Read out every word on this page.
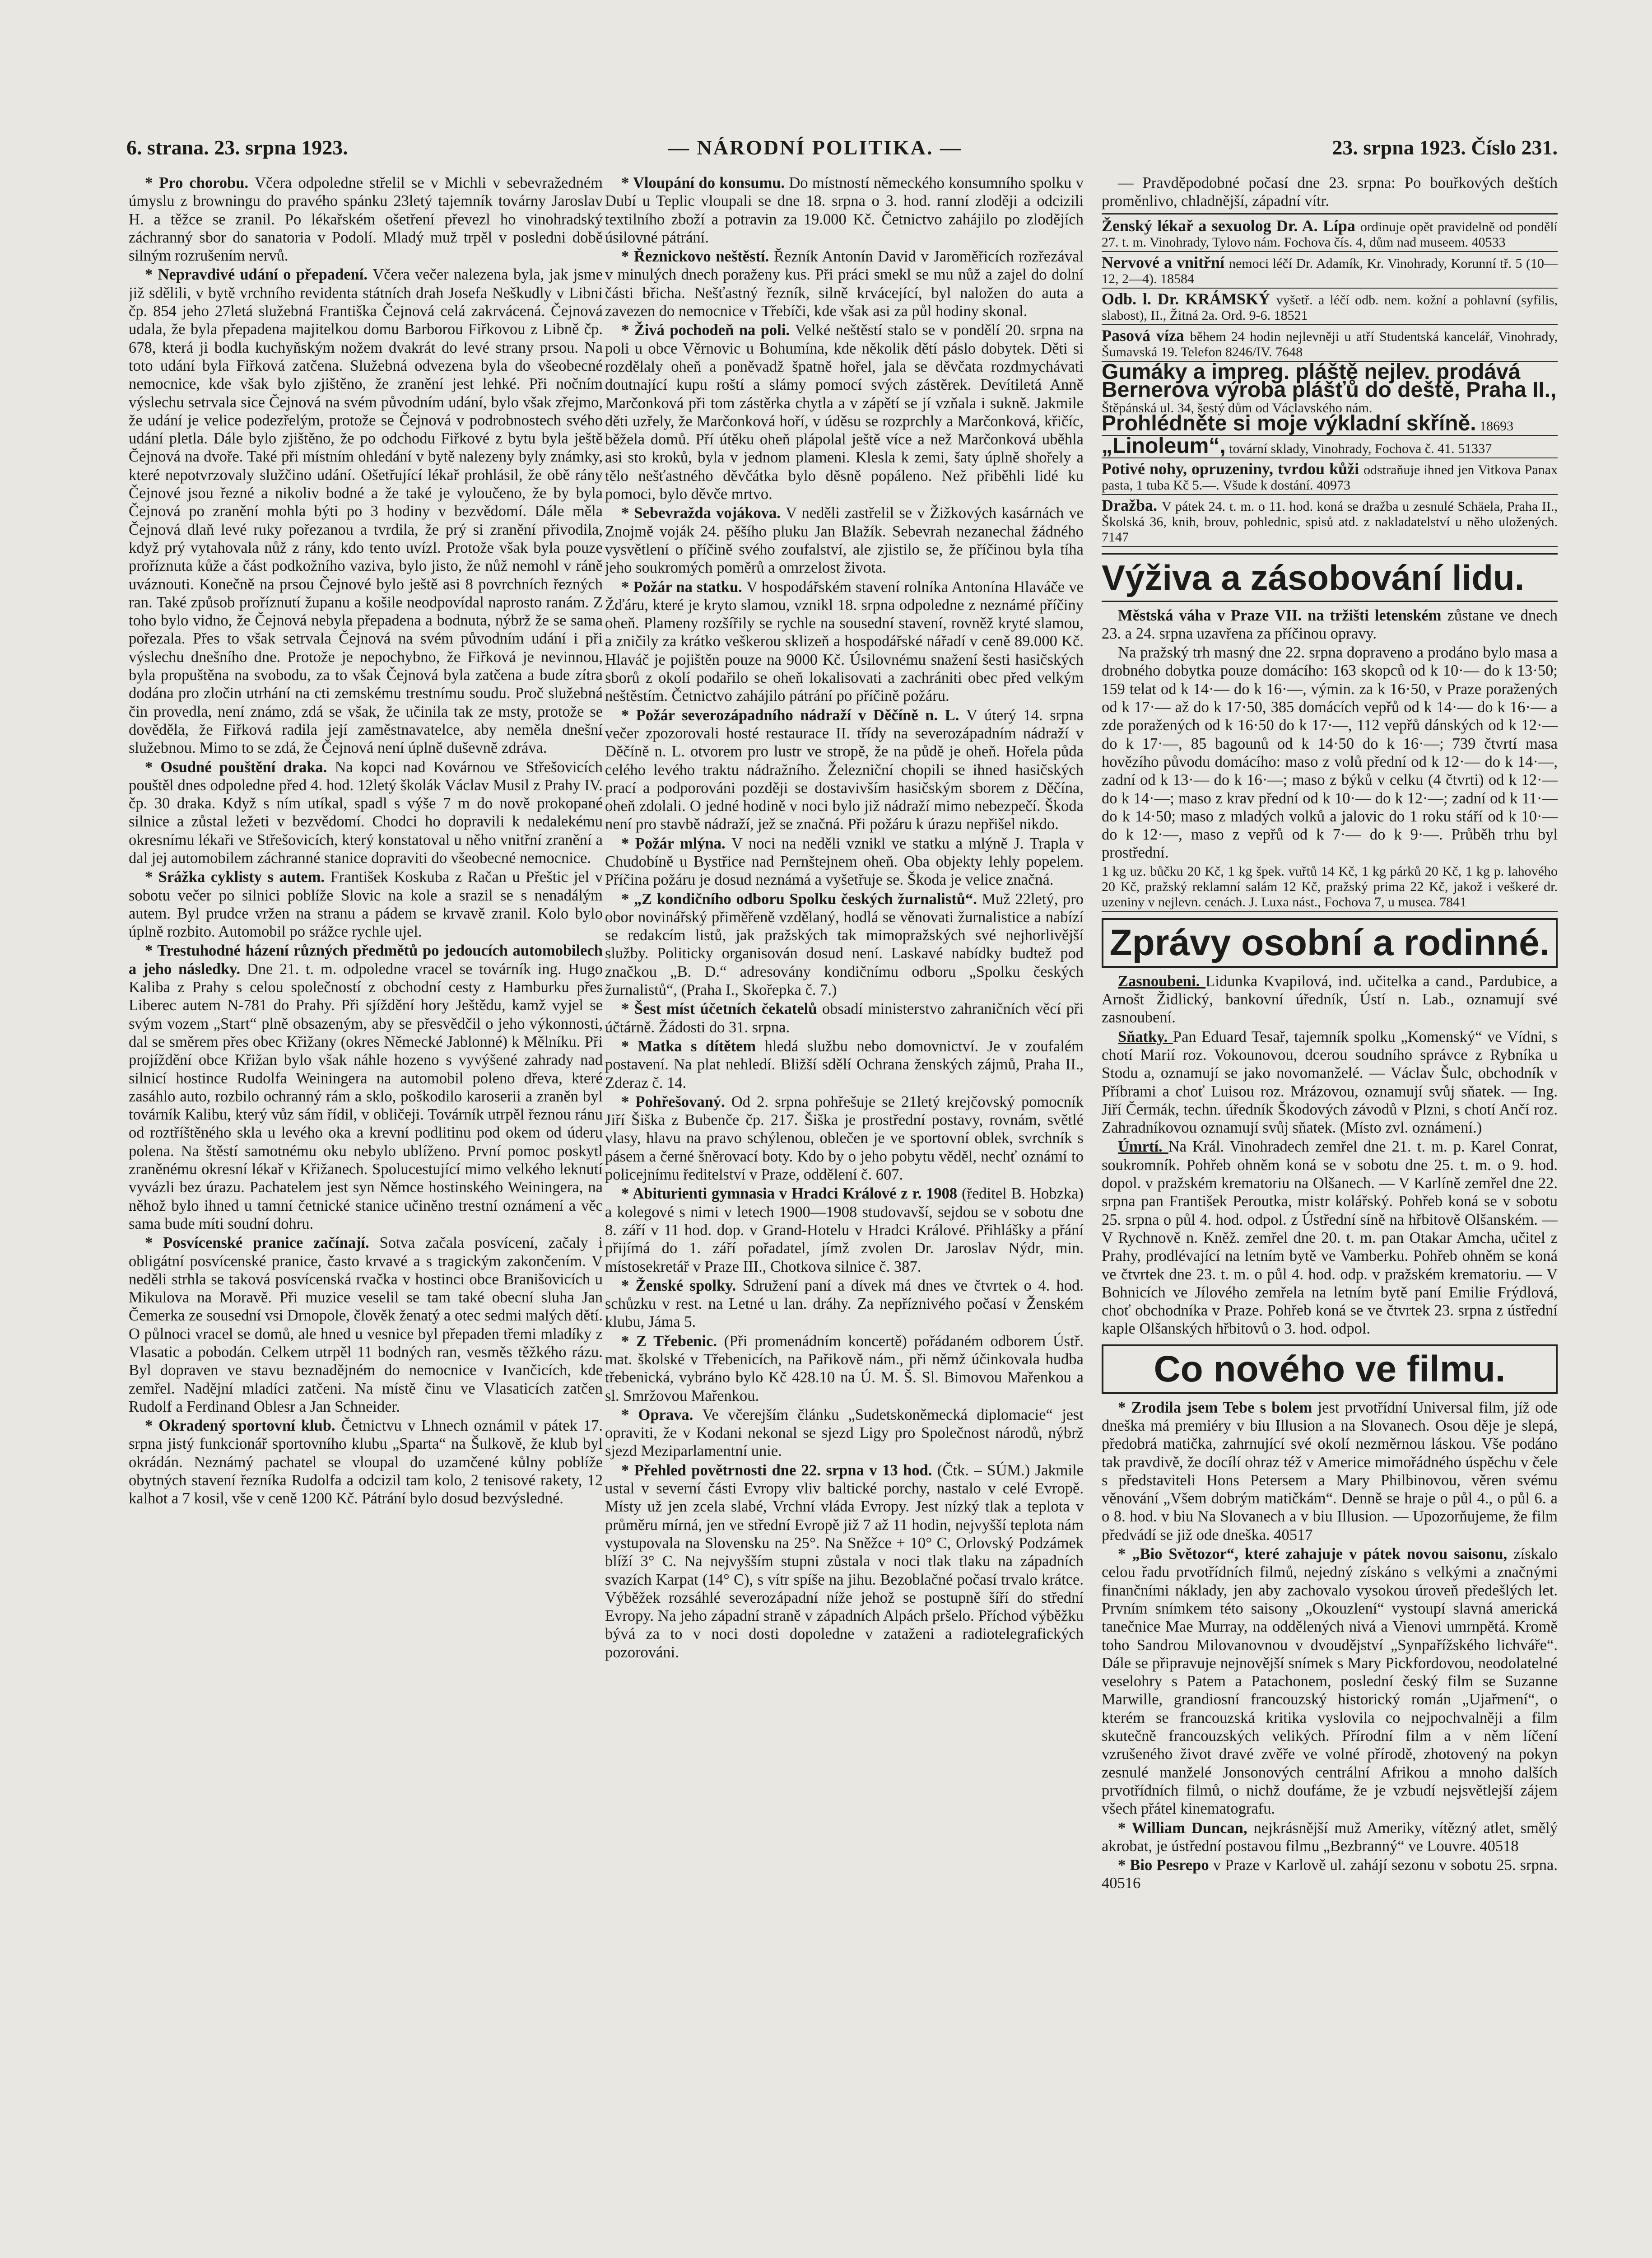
6. strana. 23. srpna 1923.	— NÁRODNÍ POLITIKA. —	23. srpna 1923. Číslo 231.
* Pro chorobu. Včera odpoledne střelil se v Michli v sebevražedném úmyslu z browningu do pravého spánku 23letý tajemník továrny Jaroslav H. a těžce se zranil. Po lékařském ošetření převezl ho vinohradský záchranný sbor do sanatoria v Podolí. Mladý muž trpěl v posledni době silným rozrušením nervů.
* Nepravdivé udání o přepadení. Včera večer nalezena byla, jak jsme již sdělili, v bytě vrchního revidenta státních drah Josefa Neškudly v Libni čp. 854 jeho 27letá služebná Františka Čejnová celá zakrvácená. Čejnová udala, že byla přepadena majitelkou domu Barborou Fiřkovou z Libně čp. 678, která ji bodla kuchyňským nožem dvakrát do levé strany prsou. Na toto udání byla Fiřková zatčena. Služebná odvezena byla do všeobecné nemocnice, kde však bylo zjištěno, že zranění jest lehké. Při nočním výslechu setrvala sice Čejnová na svém původním udání, bylo však zřejmo, že udání je velice podezřelým, protože se Čejnová v podrobnostech svého udání pletla. Dále bylo zjištěno, že po odchodu Fiřkové z bytu byla ještě Čejnová na dvoře. Také při místním ohledání v bytě nalezeny byly známky, které nepotvrzovaly služčino udání. Ošetřující lékař prohlásil, že obě rány Čejnové jsou řezné a nikoliv bodné a že také je vyloučeno, že by byla Čejnová po zranění mohla býti po 3 hodiny v bezvědomí. Dále měla Čejnová dlaň levé ruky pořezanou a tvrdila, že prý si zranění přivodila, když prý vytahovala nůž z rány, kdo tento uvízl. Protože však byla pouze proříznuta kůže a část podkožního vaziva, bylo jisto, že nůž nemohl v ráně uváznouti. Konečně na prsou Čejnové bylo ještě asi 8 povrchních řezných ran. Také způsob proříznutí županu a košile neodpovídal naprosto ranám. Z toho bylo vidno, že Čejnová nebyla přepadena a bodnuta, nýbrž že se sama pořezala. Přes to však setrvala Čejnová na svém původním udání i při výslechu dnešního dne. Protože je nepochybno, že Fiřková je nevinnou, byla propuštěna na svobodu, za to však Čejnová byla zatčena a bude zítra dodána pro zločin utrhání na cti zemskému trestnímu soudu. Proč služebná čin provedla, není známo, zdá se však, že učinila tak ze msty, protože se dověděla, že Fiřková radila její zaměstnavatelce, aby neměla dnešní služebnou. Mimo to se zdá, že Čejnová není úplně duševně zdráva.
* Osudné pouštění draka. Na kopci nad Kovárnou ve Střešovicích pouštěl dnes odpoledne před 4. hod. 12letý školák Václav Musil z Prahy IV. čp. 30 draka. Když s ním utíkal, spadl s výše 7 m do nově prokopané silnice a zůstal ležeti v bezvědomí. Chodci ho dopravili k nedalekému okresnímu lékaři ve Střešovicích, který konstatoval u něho vnitřní zranění a dal jej automobilem záchranné stanice dopraviti do všeobecné nemocnice.
* Srážka cyklisty s autem. František Koskuba z Račan u Přeštic jel v sobotu večer po silnici poblíže Slovic na kole a srazil se s nenadálým autem. Byl prudce vržen na stranu a pádem se krvavě zranil. Kolo bylo úplně rozbito. Automobil po srážce rychle ujel.
* Trestuhodné házení různých předmětů po jedoucích automobilech a jeho následky. Dne 21. t. m. odpoledne vracel se továrník ing. Hugo Kaliba z Prahy s celou společností z obchodní cesty z Hamburku přes Liberec autem N-781 do Prahy. Při sjíždění hory Ještědu, kamž vyjel se svým vozem „Start“ plně obsazeným, aby se přesvědčil o jeho výkonnosti, dal se směrem přes obec Křižany (okres Německé Jablonné) k Mělníku. Při projíždění obce Křižan bylo však náhle hozeno s vyvýšené zahrady nad silnicí hostince Rudolfa Weiningera na automobil poleno dřeva, které zasáhlo auto, rozbilo ochranný rám a sklo, poškodilo karoserii a zraněn byl továrník Kalibu, který vůz sám řídil, v obličeji. Továrník utrpěl řeznou ránu od roztříštěného skla u levého oka a krevní podlitinu pod okem od úderu polena. Na štěstí samotnému oku nebylo ublíženo. První pomoc poskytl zraněnému okresní lékař v Křižanech. Spolucestující mimo velkého leknutí vyvázli bez úrazu. Pachatelem jest syn Němce hostinského Weiningera, na něhož bylo ihned u tamní četnické stanice učiněno trestní oznámení a věc sama bude míti soudní dohru.
* Posvícenské pranice začínají. Sotva začala posvícení, začaly i obligátní posvícenské pranice, často krvavé a s tragickým zakončením. V neděli strhla se taková posvícenská rvačka v hostinci obce Branišovicích u Mikulova na Moravě. Při muzice veselil se tam také obecní sluha Jan Čemerka ze sousední vsi Drnopole, člověk ženatý a otec sedmi malých dětí. O půlnoci vracel se domů, ale hned u vesnice byl přepaden třemi mladíky z Vlasatic a pobodán. Celkem utrpěl 11 bodných ran, vesměs těžkého rázu. Byl dopraven ve stavu beznadějném do nemocnice v Ivančicích, kde zemřel. Nadějní mladíci zatčeni. Na místě činu ve Vlasaticích zatčen Rudolf a Ferdinand Oblesr a Jan Schneider.
* Okradený sportovní klub. Četnictvu v Lhnech oznámil v pátek 17. srpna jistý funkcionář sportovního klubu „Sparta“ na Šulkově, že klub byl okrádán. Neznámý pachatel se vloupal do uzamčené kůlny poblíže obytných stavení řezníka Rudolfa a odcizil tam kolo, 2 tenisové rakety, 12 kalhot a 7 kosil, vše v ceně 1200 Kč. Pátrání bylo dosud bezvýsledné.
* Vloupání do konsumu. Do místností německého konsumního spolku v Dubí u Teplic vloupali se dne 18. srpna o 3. hod. ranní zloději a odcizili textilního zboží a potravin za 19.000 Kč. Četnictvo zahájilo po zlodějích úsilovné pátrání.
* Řeznickovo neštěstí. Řezník Antonín David v Jaroměřicích rozřezával v minulých dnech poraženy kus. Při práci smekl se mu nůž a zajel do dolní části břicha. Nešťastný řezník, silně krvácející, byl naložen do auta a zavezen do nemocnice v Třebíči, kde však asi za půl hodiny skonal.
* Živá pochodeň na poli. Velké neštěstí stalo se v pondělí 20. srpna na poli u obce Věrnovic u Bohumína, kde několik dětí páslo dobytek. Děti si rozdělaly oheň a poněvadž špatně hořel, jala se děvčata rozdmychávati doutnající kupu roští a slámy pomocí svých zástěrek. Devítiletá Anně Marčonková při tom zástěrka chytla a v zápětí se jí vzňala i sukně. Jakmile děti uzřely, že Marčonková hoří, v úděsu se rozprchly a Marčonková, křičíc, běžela domů. Pří útěku oheň plápolal ještě více a než Marčonková uběhla asi sto kroků, byla v jednom plameni. Klesla k zemi, šaty úplně shořely a tělo nešťastného děvčátka bylo děsně popáleno. Než přiběhli lidé ku pomoci, bylo děvče mrtvo.
* Sebevražda vojákova. V neděli zastřelil se v Žižkových kasárnách ve Znojmě voják 24. pěšího pluku Jan Blažík. Sebevrah nezanechal žádného vysvětlení o příčině svého zoufalství, ale zjistilo se, že příčinou byla tíha jeho soukromých poměrů a omrzelost života.
* Požár na statku. V hospodářském stavení rolníka Antonína Hlaváče ve Žďáru, které je kryto slamou, vznikl 18. srpna odpoledne z neznámé příčiny oheň. Plameny rozšířily se rychle na sousední stavení, rovněž kryté slamou, a zničily za krátko veškerou sklizeň a hospodářské nářadí v ceně 89.000 Kč. Hlaváč je pojištěn pouze na 9000 Kč. Úsilovnému snažení šesti hasičských sborů z okolí podařilo se oheň lokalisovati a zachrániti obec před velkým neštěstím. Četnictvo zahájilo pátrání po příčině požáru.
* Požár severozápadního nádraží v Děčíně n. L. V úterý 14. srpna večer zpozorovali hosté restaurace II. třídy na severozápadním nádraží v Děčíně n. L. otvorem pro lustr ve stropě, že na půdě je oheň. Hořela půda celého levého traktu nádražního. Železniční chopili se ihned hasičských prací a podporováni později se dostavivším hasičským sborem z Děčína, oheň zdolali. O jedné hodině v noci bylo již nádraží mimo nebezpečí. Škoda není pro stavbě nádraží, jež se značná. Při požáru k úrazu nepřišel nikdo.
* Požár mlýna. V noci na neděli vznikl ve statku a mlýně J. Trapla v Chudobíně u Bystřice nad Pernštejnem oheň. Oba objekty lehly popelem. Příčina požáru je dosud neznámá a vyšetřuje se. Škoda je velice značná.
* „Z kondičního odboru Spolku českých žurnalistů“. Muž 22letý, pro obor novinářský přiměřeně vzdělaný, hodlá se věnovati žurnalistice a nabízí se redakcím listů, jak pražských tak mimopražských své nejhorlivější služby. Politicky organisován dosud není. Laskavé nabídky budtež pod značkou „B. D.“ adresovány kondičnímu odboru „Spolku českých žurnalistů“, (Praha I., Skořepka č. 7.)
* Šest míst účetních čekatelů obsadí ministerstvo zahraničních věcí při účtárně. Žádosti do 31. srpna.
* Matka s dítětem hledá službu nebo domovnictví. Je v zoufalém postavení. Na plat nehledí. Bližší sdělí Ochrana ženských zájmů, Praha II., Zderaz č. 14.
* Pohřešovaný. Od 2. srpna pohřešuje se 21letý krejčovský pomocník Jiří Šiška z Bubenče čp. 217. Šiška je prostřední postavy, rovnám, světlé vlasy, hlavu na pravo schýlenou, oblečen je ve sportovní oblek, svrchník s pásem a černé šněrovací boty. Kdo by o jeho pobytu věděl, nechť oznámí to policejnímu ředitelství v Praze, oddělení č. 607.
* Abiturienti gymnasia v Hradci Králové z r. 1908 (ředitel B. Hobzka) a kolegové s nimi v letech 1900—1908 studovavší, sejdou se v sobotu dne 8. září v 11 hod. dop. v Grand-Hotelu v Hradci Králové. Přihlášky a přání přijímá do 1. září pořadatel, jímž zvolen Dr. Jaroslav Nýdr, min. místosekretář v Praze III., Chotkova silnice č. 387.
* Ženské spolky. Sdružení paní a dívek má dnes ve čtvrtek o 4. hod. schůzku v rest. na Letné u lan. dráhy. Za nepříznivého počasí v Ženském klubu, Jáma 5.
* Z Třebenic. (Při promenádním koncertě) pořádaném odborem Ústř. mat. školské v Třebenicích, na Pařikově nám., při němž účinkovala hudba třebenická, vybráno bylo Kč 428.10 na Ú. M. Š. Sl. Bimovou Mařenkou a sl. Smržovou Mařenkou.
* Oprava. Ve včerejším článku „Sudetskoněmecká diplomacie“ jest opraviti, že v Kodani nekonal se sjezd Ligy pro Společnost národů, nýbrž sjezd Meziparlamentní unie.
* Přehled povětrnosti dne 22. srpna v 13 hod. (Čtk. – SÚM.) Jakmile ustal v severní části Evropy vliv baltické porchy, nastalo v celé Evropě. Místy už jen zcela slabé, Vrchní vláda Evropy. Jest nízký tlak a teplota v průměru mírná, jen ve střední Evropě již 7 až 11 hodin, nejvyšší teplota nám vystupovala na Slovensku na 25°. Na Sněžce + 10° C, Orlovský Podzámek blíží 3° C. Na nejvyšším stupni zůstala v noci tlak tlaku na západních svazích Karpat (14° C), s vítr spíše na jihu. Bezoblačné počasí trvalo krátce. Výběžek rozsáhlé severozápadní níže jehož se postupně šíří do střední Evropy. Na jeho západní straně v západních Alpách pršelo. Příchod výběžku bývá za to v noci dosti dopoledne v zataženi a radiotelegrafických pozorováni.
— Pravděpodobné počasí dne 23. srpna: Po bouřkových deštích proměnlivo, chladnější, západní vítr.
Ženský lékař a sexuolog Dr. A. Lípa ordinuje opět pravidelně od pondělí 27. t. m. Vinohrady, Tylovo nám. Fochova čís. 4, dům nad museem. 40533
Nervové a vnitřní nemoci léčí Dr. Adamík, Kr. Vinohrady, Korunní tř. 5 (10—12, 2—4). 18584
Odb. l. Dr. KRÁMSKÝ vyšetř. a léčí odb. nem. kožní a pohlavní (syfilis, slabost), II., Žitná 2a. Ord. 9-6. 18521
Pasová víza během 24 hodin nejlevněji u atří Studentská kancelář, Vinohrady, Šumavská 19. Telefon 8246/IV. 7648
Gumáky a impreg. pláště nejlev. prodává
Bernerova výroba plášťů do deště, Praha II.,
Štěpánská ul. 34, šestý dům od Václavského nám.
Prohlédněte si moje výkladní skříně. 18693
„Linoleum“, tovární sklady, Vinohrady, Fochova č. 41. 51337
Potivé nohy, opruzeniny, tvrdou kůži odstraňuje ihned jen Vitkova Panax pasta, 1 tuba Kč 5.—. Všude k dostání. 40973
Dražba. V pátek 24. t. m. o 11. hod. koná se dražba u zesnulé Schäela, Praha II., Školská 36, knih, brouv, pohlednic, spisů atd. z nakladatelství u něho uložených. 7147
Výživa a zásobování lidu.
Městská váha v Praze VII. na tržišti letenském zůstane ve dnech 23. a 24. srpna uzavřena za příčinou opravy.
Na pražský trh masný dne 22. srpna dopraveno a prodáno bylo masa a drobného dobytka pouze domácího: 163 skopců od k 10·— do k 13·50; 159 telat od k 14·— do k 16·—, výmin. za k 16·50, v Praze poražených od k 17·— až do k 17·50, 385 domácích vepřů od k 14·— do k 16·— a zde poražených od k 16·50 do k 17·—, 112 vepřů dánských od k 12·— do k 17·—, 85 bagounů od k 14·50 do k 16·—; 739 čtvrtí masa hovězího původu domácího: maso z volů přední od k 12·— do k 14·—, zadní od k 13·— do k 16·—; maso z býků v celku (4 čtvrti) od k 12·— do k 14·—; maso z krav přední od k 10·— do k 12·—; zadní od k 11·— do k 14·50; maso z mladých volků a jalovic do 1 roku stáří od k 10·— do k 12·—, maso z vepřů od k 7·— do k 9·—. Průběh trhu byl prostřední.
1 kg uz. bůčku 20 Kč, 1 kg špek. vuřtů 14 Kč, 1 kg párků 20 Kč, 1 kg p. lahového 20 Kč, pražský reklamní salám 12 Kč, pražský prima 22 Kč, jakož i veškeré dr. uzeniny v nejlevn. cenách. J. Luxa nást., Fochova 7, u musea. 7841
Zprávy osobní a rodinné.
Zasnoubeni. Lidunka Kvapilová, ind. učitelka a cand., Pardubice, a Arnošt Židlický, bankovní úředník, Ústí n. Lab., oznamují své zasnoubení.
Sňatky. Pan Eduard Tesař, tajemník spolku „Komenský“ ve Vídni, s chotí Marií roz. Vokounovou, dcerou soudního správce z Rybníka u Stodu a, oznamují se jako novomanželé. — Václav Šulc, obchodník v Příbrami a choť Luisou roz. Mrázovou, oznamují svůj sňatek. — Ing. Jiří Čermák, techn. úředník Škodových závodů v Plzni, s chotí Ančí roz. Zahradníkovou oznamují svůj sňatek. (Místo zvl. oznámení.)
Úmrtí. Na Král. Vinohradech zemřel dne 21. t. m. p. Karel Conrat, soukromník. Pohřeb ohněm koná se v sobotu dne 25. t. m. o 9. hod. dopol. v pražském krematoriu na Olšanech. — V Karlíně zemřel dne 22. srpna pan František Peroutka, mistr kolářský. Pohřeb koná se v sobotu 25. srpna o půl 4. hod. odpol. z Ústřední síně na hřbitově Olšanském. — V Rychnově n. Kněž. zemřel dne 20. t. m. pan Otakar Amcha, učitel z Prahy, prodlévající na letním bytě ve Vamberku. Pohřeb ohněm se koná ve čtvrtek dne 23. t. m. o půl 4. hod. odp. v pražském krematoriu. — V Bohnicích ve Jílového zemřela na letním bytě paní Emilie Frýdlová, choť obchodníka v Praze. Pohřeb koná se ve čtvrtek 23. srpna z ústřední kaple Olšanských hřbitovů o 3. hod. odpol.
Co nového ve filmu.
* Zrodila jsem Tebe s bolem jest prvotřídní Universal film, jíž ode dneška má premiéry v biu Illusion a na Slovanech. Osou děje je slepá, předobrá matička, zahrnující své okolí nezměrnou láskou. Vše podáno tak pravdivě, že docílí ohraz též v Americe mimořádného úspěchu v čele s představiteli Hons Petersem a Mary Philbinovou, věren svému věnování „Všem dobrým matičkám“. Denně se hraje o půl 4., o půl 6. a o 8. hod. v biu Na Slovanech a v biu Illusion. — Upozorňujeme, že film předvádí se již ode dneška. 40517
* „Bio Světozor“, které zahajuje v pátek novou saisonu, získalo celou řadu prvotřídních filmů, nejedný získáno s velkými a značnými finančními náklady, jen aby zachovalo vysokou úroveň předešlých let. Prvním snímkem této saisony „Okouzlení“ vystoupí slavná americká tanečnice Mae Murray, na oddělených nivá a Vienovi umrnpětá. Kromě toho Sandrou Milovanovnou v dvoudějství „Synpařížského lichváře“. Dále se připravuje nejnovější snímek s Mary Pickfordovou, neodolatelné veselohry s Patem a Patachonem, poslední český film se Suzanne Marwille, grandiosní francouzský historický román „Ujařmení“, o kterém se francouzská kritika vyslovila co nejpochvalněji a film skutečně francouzských velikých. Přírodní film a v něm líčení vzrušeného život dravé zvěře ve volné přírodě, zhotovený na pokyn zesnulé manželé Jonsonových centrální Afrikou a mnoho dalších prvotřídních filmů, o nichž doufáme, že je vzbudí nejsvětlejší zájem všech přátel kinematografu.
* William Duncan, nejkrásnější muž Ameriky, vítězný atlet, smělý akrobat, je ústřední postavou filmu „Bezbranný“ ve Louvre. 40518
* Bio Pesrepo v Praze v Karlově ul. zahájí sezonu v sobotu 25. srpna. 40516
